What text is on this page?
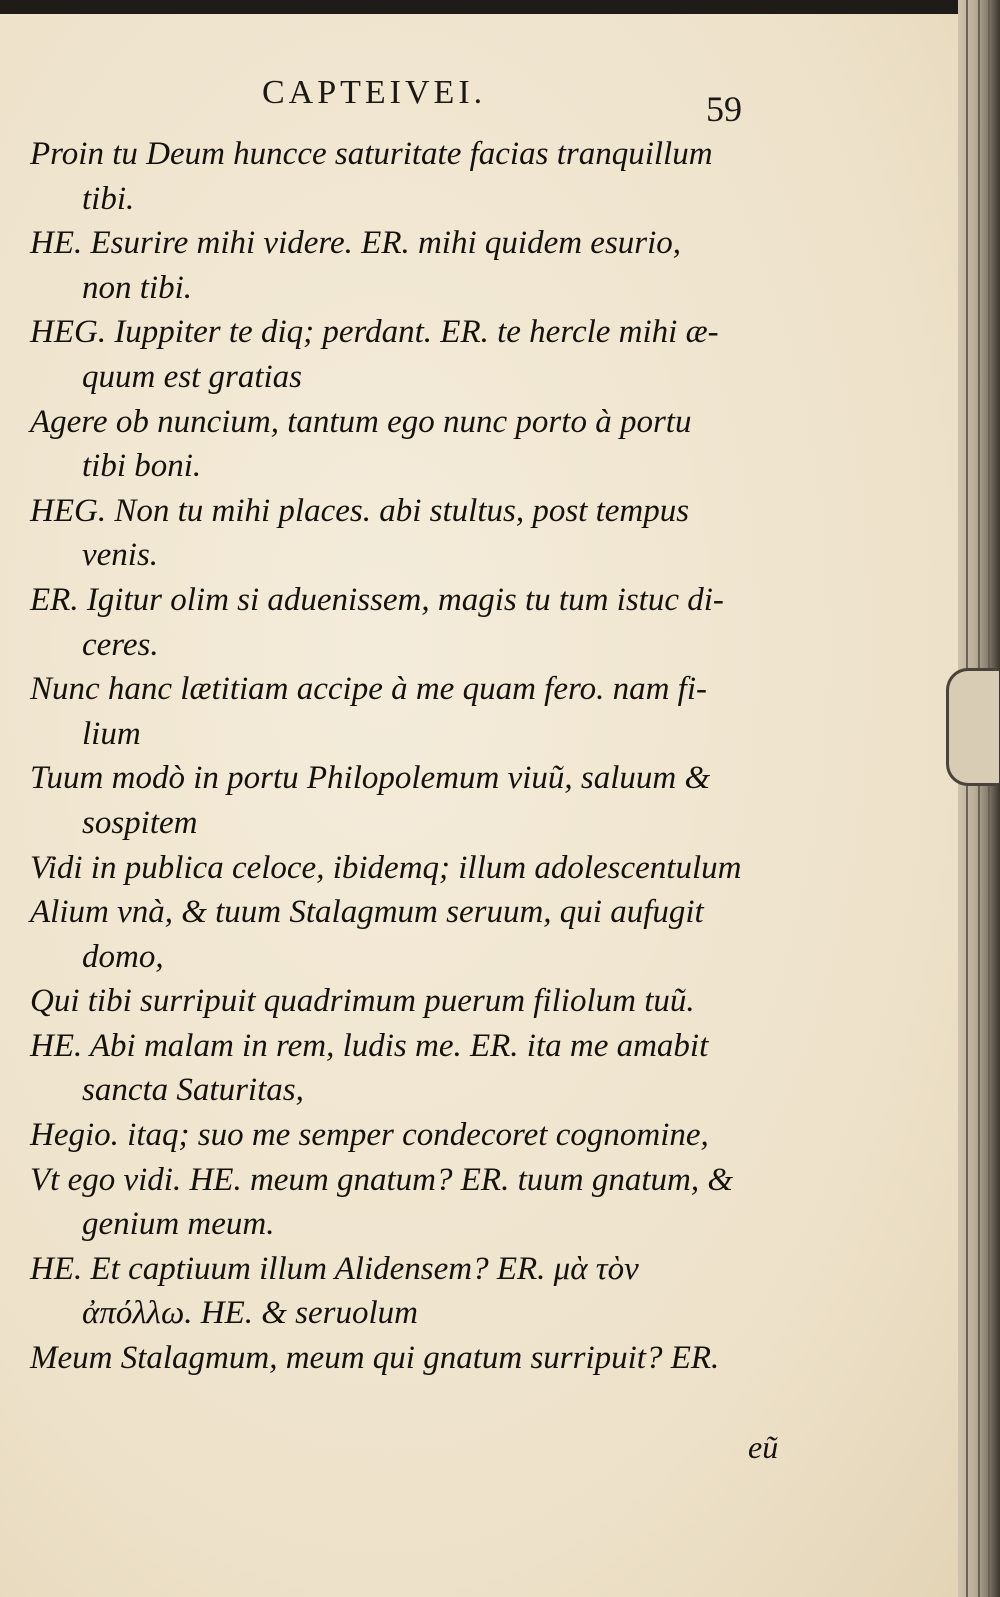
CAPTEIVEI.	59
Proin tu Deum huncce saturitate facias tranquillum
tibi.
HE. Esurire mihi videre. ER. mihi quidem esurio,
non tibi.
HEG. Iuppiter te diq; perdant. ER. te hercle mihi æ-
quum est gratias
Agere ob nuncium, tantum ego nunc porto à portu
tibi boni.
HEG. Non tu mihi places. abi stultus, post tempus
venis.
ER. Igitur olim si aduenissem, magis tu tum istuc di-
ceres.
Nunc hanc lætitiam accipe à me quam fero. nam fi-
lium
Tuum modò in portu Philopolemum viuũ, saluum &
sospitem
Vidi in publica celoce, ibidemq; illum adolescentulum
Alium vnà, & tuum Stalagmum seruum, qui aufugit
domo,
Qui tibi surripuit quadrimum puerum filiolum tuũ.
HE. Abi malam in rem, ludis me. ER. ita me amabit
sancta Saturitas,
Hegio. itaq; suo me semper condecoret cognomine,
Vt ego vidi. HE. meum gnatum? ER. tuum gnatum, &
genium meum.
HE. Et captiuum illum Alidensem? ER. μὰ τὸν
ἀπόλλω. HE. & seruolum
Meum Stalagmum, meum qui gnatum surripuit? ER.
eũ
